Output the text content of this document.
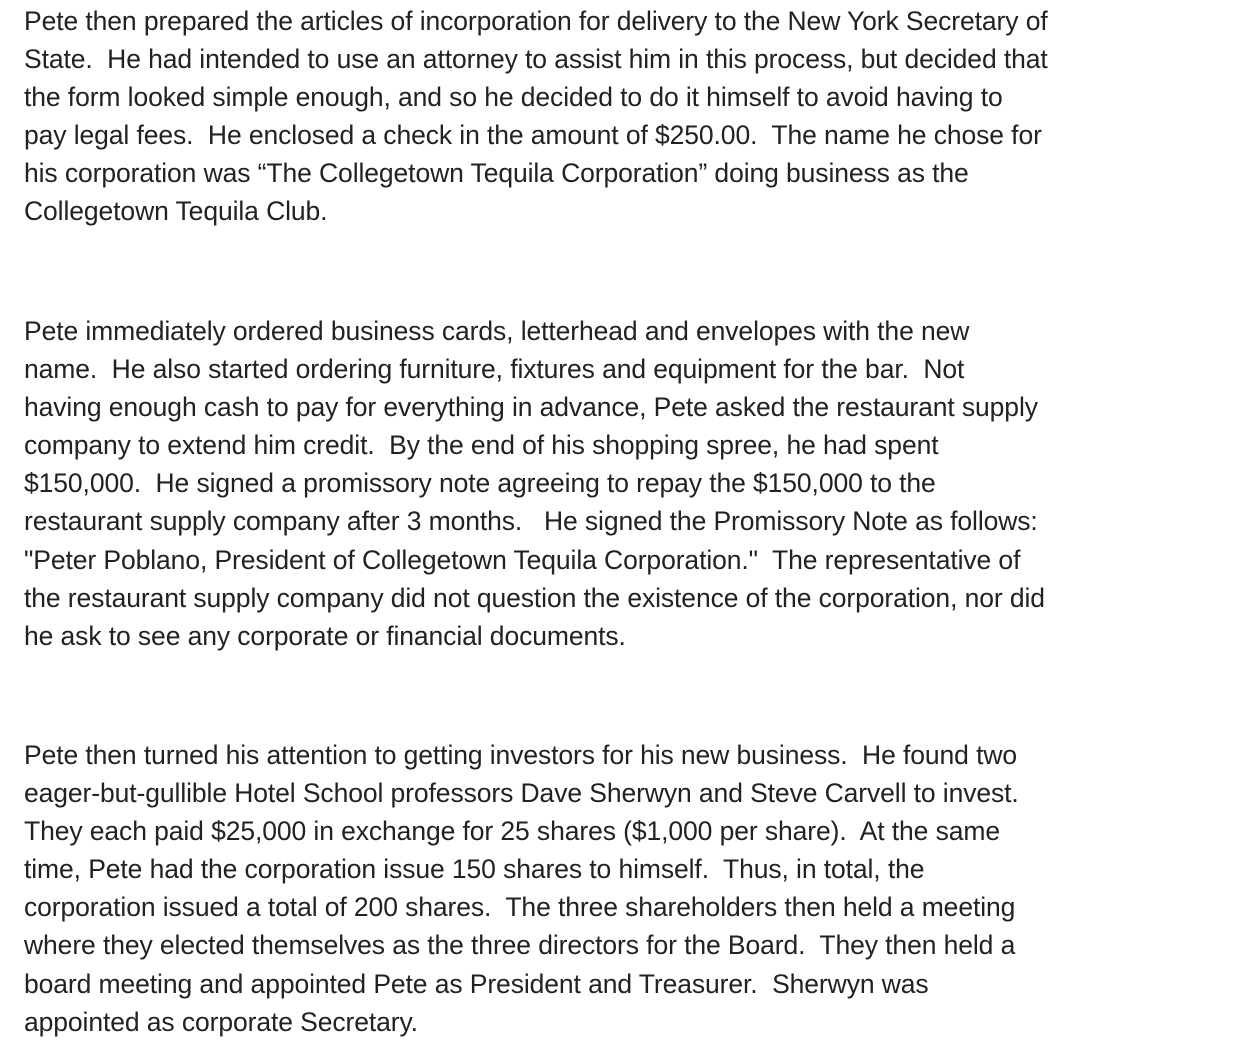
Pete then prepared the articles of incorporation for delivery to the New York Secretary of
State.  He had intended to use an attorney to assist him in this process, but decided that
the form looked simple enough, and so he decided to do it himself to avoid having to
pay legal fees.  He enclosed a check in the amount of $250.00.  The name he chose for
his corporation was “The Collegetown Tequila Corporation” doing business as the
Collegetown Tequila Club.

Pete immediately ordered business cards, letterhead and envelopes with the new
name.  He also started ordering furniture, fixtures and equipment for the bar.  Not
having enough cash to pay for everything in advance, Pete asked the restaurant supply
company to extend him credit.  By the end of his shopping spree, he had spent
$150,000.  He signed a promissory note agreeing to repay the $150,000 to the
restaurant supply company after 3 months.   He signed the Promissory Note as follows:
"Peter Poblano, President of Collegetown Tequila Corporation."  The representative of
the restaurant supply company did not question the existence of the corporation, nor did
he ask to see any corporate or financial documents.

Pete then turned his attention to getting investors for his new business.  He found two
eager-but-gullible Hotel School professors Dave Sherwyn and Steve Carvell to invest.
They each paid $25,000 in exchange for 25 shares ($1,000 per share).  At the same
time, Pete had the corporation issue 150 shares to himself.  Thus, in total, the
corporation issued a total of 200 shares.  The three shareholders then held a meeting
where they elected themselves as the three directors for the Board.  They then held a
board meeting and appointed Pete as President and Treasurer.  Sherwyn was
appointed as corporate Secretary.
